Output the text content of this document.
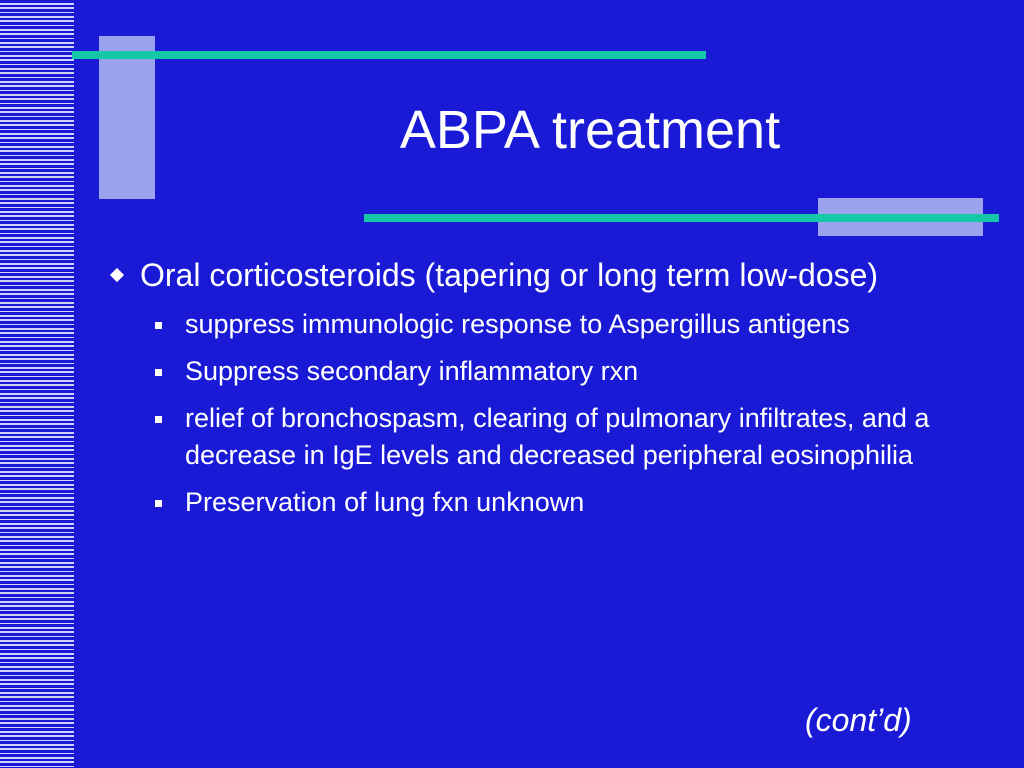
ABPA treatment
Oral corticosteroids (tapering or long term low-dose)
suppress immunologic response to Aspergillus antigens
Suppress secondary inflammatory rxn
relief of bronchospasm, clearing of pulmonary infiltrates, and a decrease in IgE levels and decreased peripheral eosinophilia
Preservation of lung fxn unknown
(cont’d)
